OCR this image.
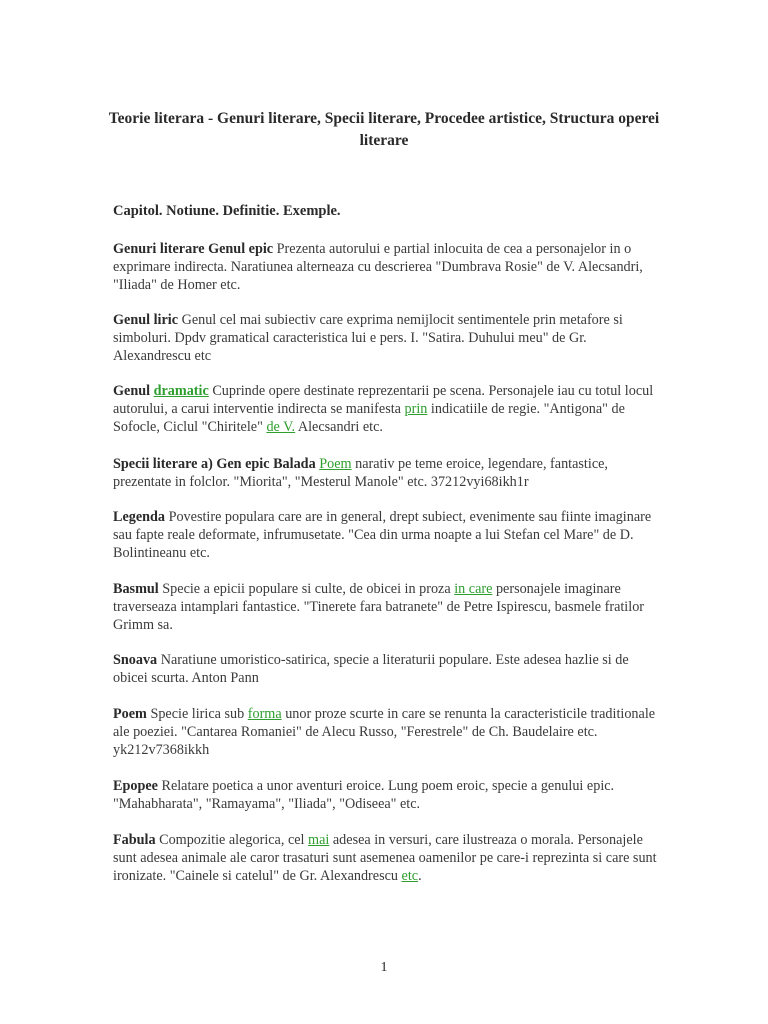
Teorie literara - Genuri literare, Specii literare, Procedee artistice, Structura operei literare
Capitol. Notiune. Definitie. Exemple.
Genuri literare Genul epic Prezenta autorului e partial inlocuita de cea a personajelor in o exprimare indirecta. Naratiunea alterneaza cu descrierea "Dumbrava Rosie" de V. Alecsandri, "Iliada" de Homer etc.
Genul liric Genul cel mai subiectiv care exprima nemijlocit sentimentele prin metafore si simboluri. Dpdv gramatical caracteristica lui e pers. I. "Satira. Duhului meu" de Gr. Alexandrescu etc
Genul dramatic Cuprinde opere destinate reprezentarii pe scena. Personajele iau cu totul locul autorului, a carui interventie indirecta se manifesta prin indicatiile de regie. "Antigona" de Sofocle, Ciclul "Chiritele" de V. Alecsandri etc.
Specii literare a) Gen epic Balada Poem narativ pe teme eroice, legendare, fantastice, prezentate in folclor. "Miorita", "Mesterul Manole" etc. 37212vyi68ikh1r
Legenda Povestire populara care are in general, drept subiect, evenimente sau fiinte imaginare sau fapte reale deformate, infrumusetate. "Cea din urma noapte a lui Stefan cel Mare" de D. Bolintineanu etc.
Basmul Specie a epicii populare si culte, de obicei in proza in care personajele imaginare traverseaza intamplari fantastice. "Tinerete fara batranete" de Petre Ispirescu, basmele fratilor Grimm sa.
Snoava Naratiune umoristico-satirica, specie a literaturii populare. Este adesea hazlie si de obicei scurta. Anton Pann
Poem Specie lirica sub forma unor proze scurte in care se renunta la caracteristicile traditionale ale poeziei. "Cantarea Romaniei" de Alecu Russo, "Ferestrele" de Ch. Baudelaire etc. yk212v7368ikkh
Epopee Relatare poetica a unor aventuri eroice. Lung poem eroic, specie a genului epic. "Mahabharata", "Ramayama", "Iliada", "Odiseea" etc.
Fabula Compozitie alegorica, cel mai adesea in versuri, care ilustreaza o morala. Personajele sunt adesea animale ale caror trasaturi sunt asemenea oamenilor pe care-i reprezinta si care sunt ironizate. "Cainele si catelul" de Gr. Alexandrescu etc.
1
